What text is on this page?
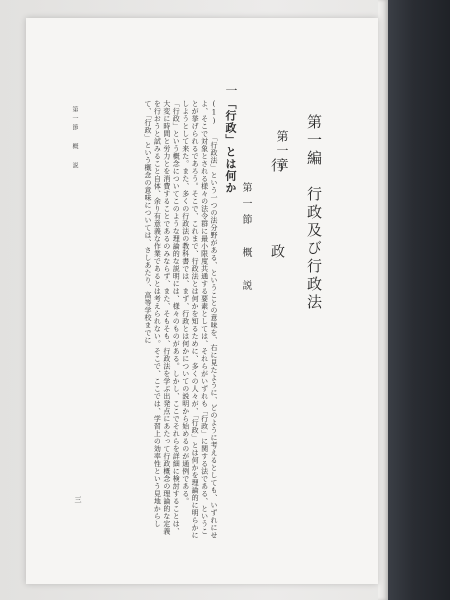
第一編　行政及び行政法
第一章
行 政
第一節 概 説
一
「行政」とは何か

(1) 「行政法」という一つの法分野がある、ということの意味を、右に見たように、どのように考えるとしても、いずれにせよ、そこで対象とされる様々の法令群に最小限度共通する要素としては、それらがいずれも「行政」に関する法である、ということが挙げられるであろう。そこで、これまで、行政法とは何かを知るために、多くの人々が、「行政」とは何かを理論的に明らかにしようとして来た。また、多くの行政法の教科書では、まず、行政とは何かについての説明から始めるのが通例である。

「行政」という概念についてこのような理論的な説明には、様々のものがある。しかし、ここでそれらを詳細に検討することは、大変に時間と労力とを消費することであるのみならず、また、そもそも、行政法を学ぶ出発点にあたって行政概念の理論的な定義を行おうと試みること自体、余り有意義な作業であるとは考えられない。そこで、ここでは、学習上の効率性という見地からして、「行政」という概念の意味については、さしあたり、高等学校までに

第一節 概 説
三
